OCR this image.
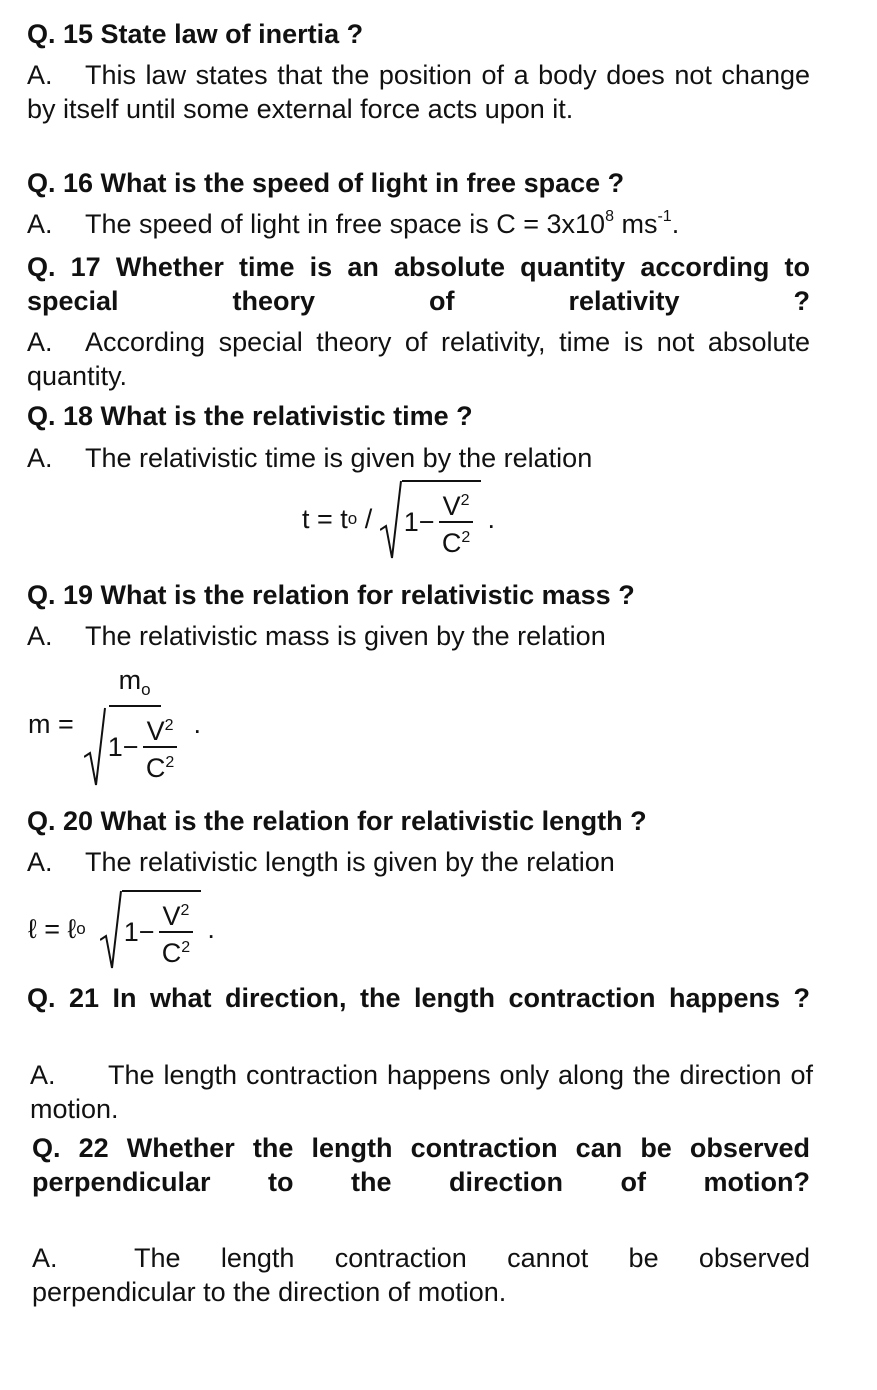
Q. 15 State law of inertia ?
A. This law states that the position of a body does not change by itself until some external force acts upon it.
Q. 16 What is the speed of light in free space ?
A. The speed of light in free space is $C = 3x10^8$ $ms^{-1}$.
Q. 17 Whether time is an absolute quantity according to special theory of relativity ?
A. According special theory of relativity, time is not absolute quantity.
Q. 18 What is the relativistic time ?
A. The relativistic time is given by the relation
t = t $o / 1- \frac{V^2}{C^2}$ .
Q. 19 What is the relation for relativistic mass ?
A. The relativistic mass is given by the relation
$m = \frac{m_o}{1- \frac{V^2}{C^2}}$ .
Q. 20 What is the relation for relativistic length ?
A. The relativistic length is given by the relation
ℓ = ℓ o $1- \frac{V^2}{C^2}$ .
Q. 21 In what direction, the length contraction happens ?
A. The length contraction happens only along the direction of motion.
Q. 22 Whether the length contraction can be observed perpendicular to the direction of motion?
A.	The length contraction cannot be observed perpendicular to the direction of motion.
